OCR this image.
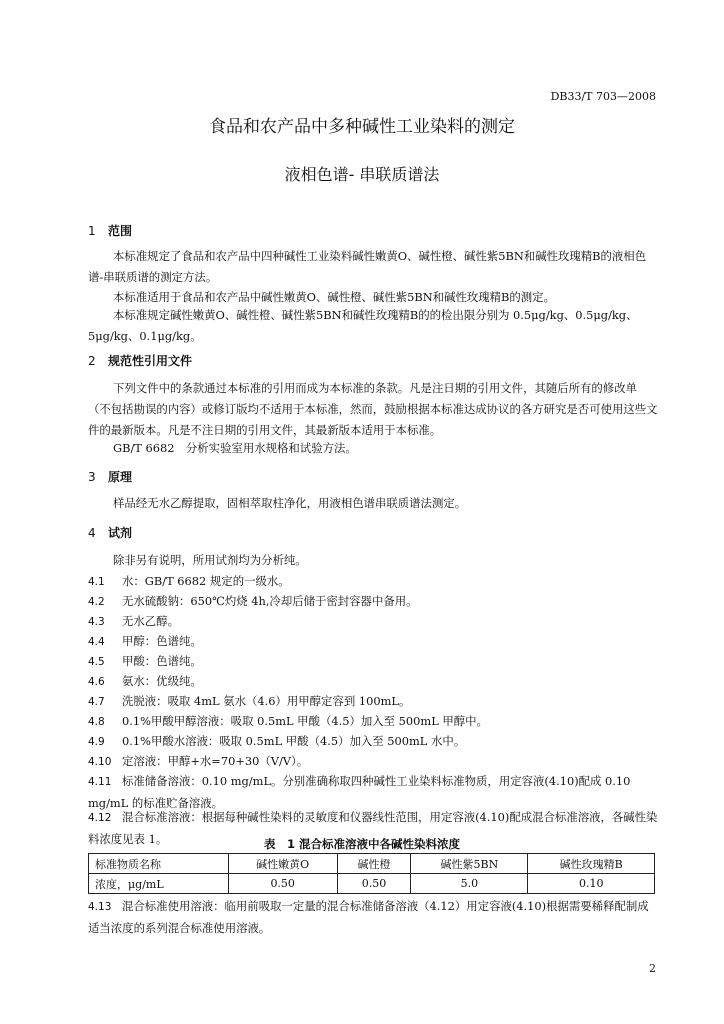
DB33/T 703—2008
食品和农产品中多种碱性工业染料的测定
液相色谱- 串联质谱法
1 范围
本标准规定了食品和农产品中四种碱性工业染料碱性嫩黄O、碱性橙、碱性紫5BN和碱性玫瑰精B的液相色谱-串联质谱的测定方法。
本标准适用于食品和农产品中碱性嫩黄O、碱性橙、碱性紫5BN和碱性玫瑰精B的测定。
本标准规定碱性嫩黄O、碱性橙、碱性紫5BN和碱性玫瑰精B的的检出限分别为 0.5μg/kg、0.5μg/kg、5μg/kg、0.1μg/kg。
2 规范性引用文件
下列文件中的条款通过本标准的引用而成为本标准的条款。凡是注日期的引用文件，其随后所有的修改单（不包括勘误的内容）或修订版均不适用于本标准，然而，鼓励根据本标准达成协议的各方研究是否可使用这些文件的最新版本。凡是不注日期的引用文件，其最新版本适用于本标准。
GB/T 6682　分析实验室用水规格和试验方法。
3 原理
样品经无水乙醇提取，固相萃取柱净化，用液相色谱串联质谱法测定。
4 试剂
除非另有说明，所用试剂均为分析纯。
4.1 水：GB/T 6682 规定的一级水。
4.2 无水硫酸钠：650℃灼烧 4h,冷却后储于密封容器中备用。
4.3 无水乙醇。
4.4 甲醇：色谱纯。
4.5 甲酸：色谱纯。
4.6 氨水：优级纯。
4.7 洗脱液：吸取 4mL 氨水（4.6）用甲醇定容到 100mL。
4.8 0.1%甲酸甲醇溶液：吸取 0.5mL 甲酸（4.5）加入至 500mL 甲醇中。
4.9 0.1%甲酸水溶液：吸取 0.5mL 甲酸（4.5）加入至 500mL 水中。
4.10 定溶液：甲醇+水=70+30（V/V）。
4.11 标准储备溶液：0.10 mg/mL。分别准确称取四种碱性工业染料标准物质，用定容液(4.10)配成 0.10 mg/mL 的标准贮备溶液。
4.12 混合标准溶液：根据每种碱性染料的灵敏度和仪器线性范围，用定容液(4.10)配成混合标准溶液，各碱性染料浓度见表 1。	表　1 混合标准溶液中各碱性染料浓度
标准物质名称	碱性嫩黄O	碱性橙	碱性紫5BN	碱性玫瑰精B
浓度，μg/mL	0.50	0.50	5.0	0.10
4.13 混合标准使用溶液：临用前吸取一定量的混合标准储备溶液（4.12）用定容液(4.10)根据需要稀释配制成适当浓度的系列混合标准使用溶液。
2
